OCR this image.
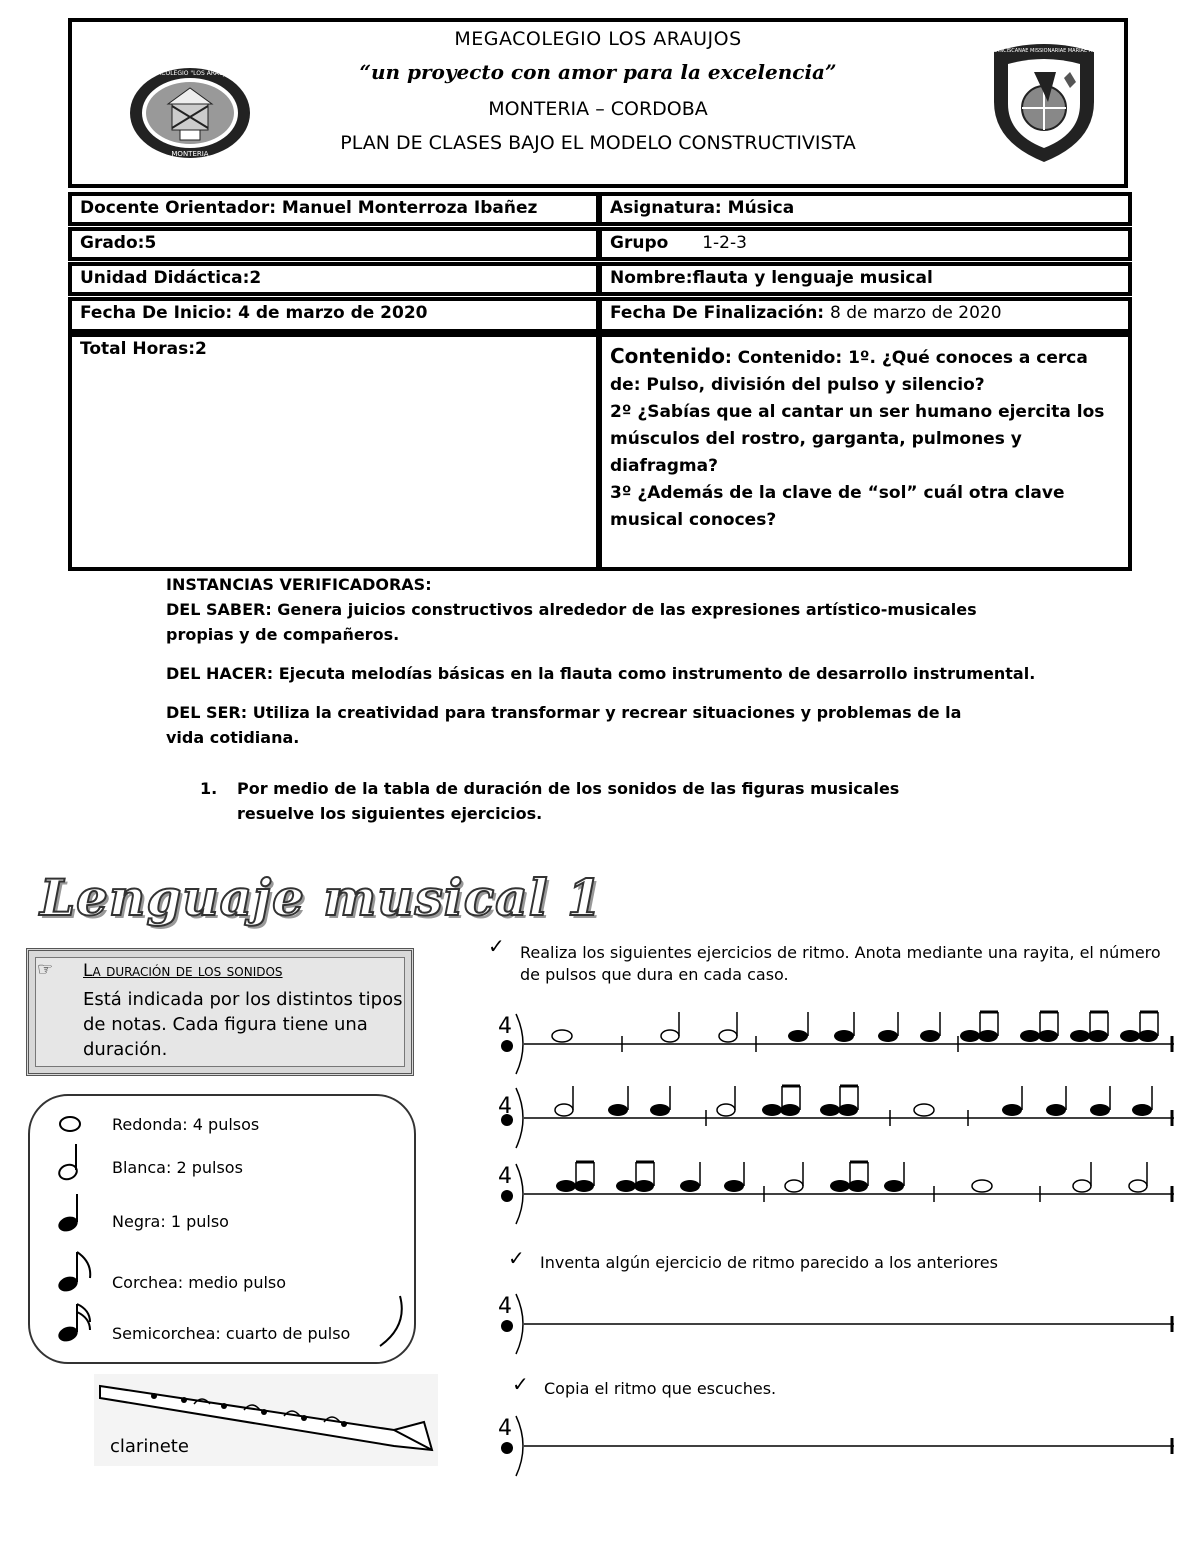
MEGACOLEGIO LOS ARAUJOS
“un proyecto con amor para la excelencia”
MONTERIA – CORDOBA
PLAN DE CLASES BAJO EL MODELO CONSTRUCTIVISTA
MEGACOLEGIO "LOS ARAUJOS"
MONTERIA
SORORES FRANCISCANAE MISSIONARIAE MARIAE AUXILIATRICIS
Docente Orientador: Manuel Monterroza Ibañez	Asignatura: Música
Grado:5	Grupo 1-2-3
Unidad Didáctica:2	Nombre:flauta y lenguaje musical
Fecha De Inicio: 4 de marzo de 2020	Fecha De Finalización: 8 de marzo de 2020
Total Horas:2	Contenido: Contenido: 1º. ¿Qué conoces a cerca
de: Pulso, división del pulso y silencio?
2º ¿Sabías que al cantar un ser humano ejercita los
músculos del rostro, garganta, pulmones y
diafragma?
3º ¿Además de la clave de “sol” cuál otra clave
musical conoces?

INSTANCIAS VERIFICADORAS:

DEL SABER: Genera juicios constructivos alrededor de las expresiones artístico-musicales propias y de compañeros.

DEL HACER: Ejecuta melodías básicas en la flauta como instrumento de desarrollo instrumental.

DEL SER: Utiliza la creatividad para transformar y recrear situaciones y problemas de la vida cotidiana.

1. Por medio de la tabla de duración de los sonidos de las figuras musicales resuelve los siguientes ejercicios.
Lenguaje musical 1
☞ La duración de los sonidos
Está indicada por los distintos tipos de notas. Cada figura tiene una duración.
Redonda: 4 pulsos
Blanca: 2 pulsos
Negra: 1 pulso
Corchea: medio pulso
Semicorchea: cuarto de pulso
clarinete
✓ Realiza los siguientes ejercicios de ritmo. Anota mediante una rayita, el número de pulsos que dura en cada caso.
4
4
4
4
4
✓ Inventa algún ejercicio de ritmo parecido a los anteriores
✓ Copia el ritmo que escuches.
